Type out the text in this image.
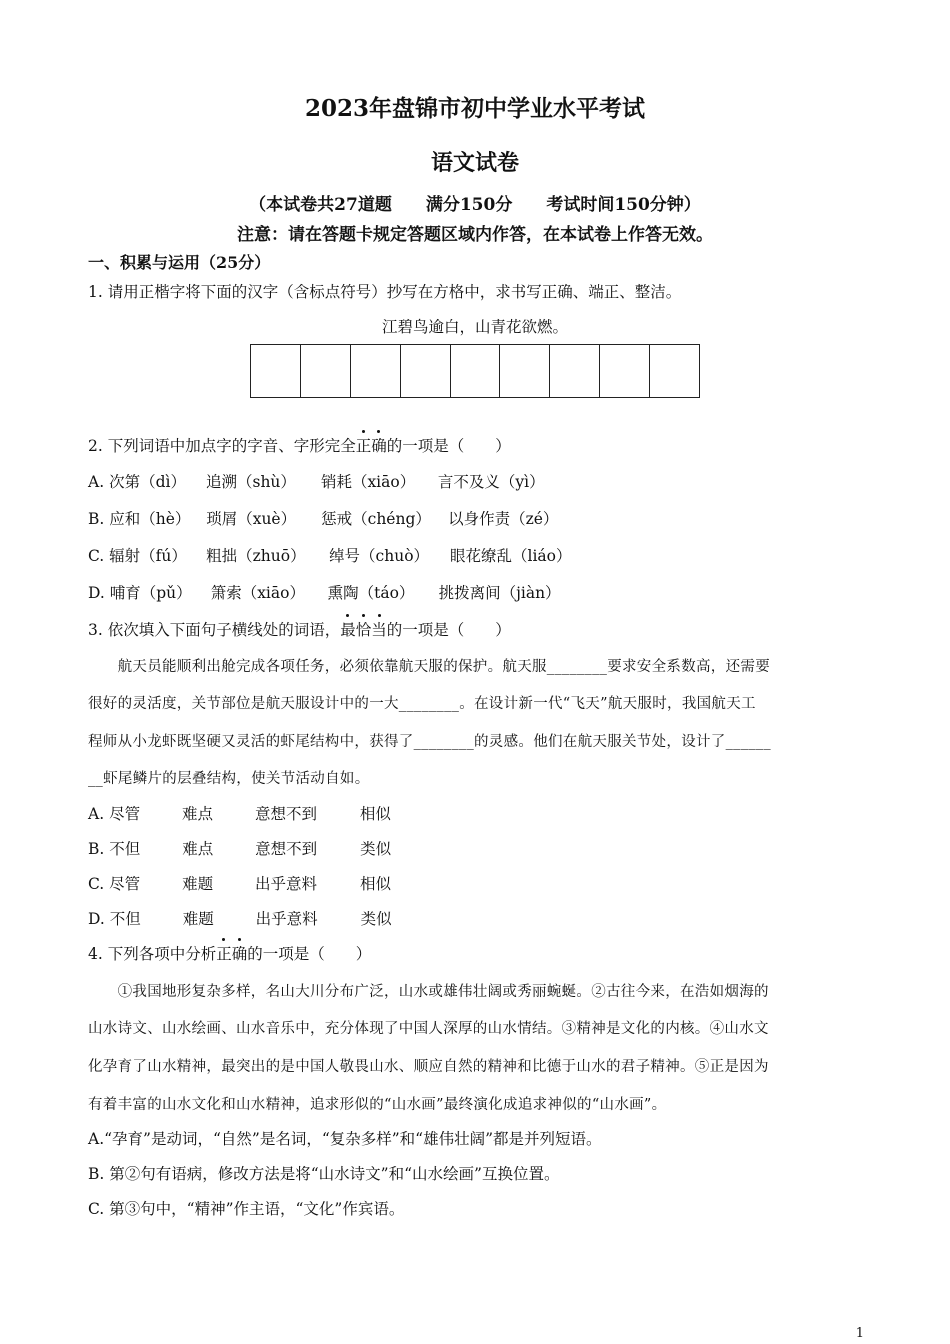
2023年盘锦市初中学业水平考试
语文试卷
（本试卷共27道题　　满分150分　　考试时间150分钟）
注意：请在答题卡规定答题区域内作答，在本试卷上作答无效。
一、积累与运用（25分）
1. 请用正楷字将下面的汉字（含标点符号）抄写在方格中，求书写正确、端正、整洁。
江碧鸟逾白，山青花欲燃。
2. 下列词语中加点字的字音、字形完全正确的一项是（　　）
A. 次第（dì） 追溯（shù） 销耗（xiāo） 言不及义（yì）
B. 应和（hè） 琐屑（xuè） 惩戒（chéng） 以身作责（zé）
C. 辐射（fú） 粗拙（zhuō） 绰号（chuò） 眼花缭乱（liáo）
D. 哺育（pǔ） 箫索（xiāo） 熏陶（táo） 挑拨离间（jiàn）
3. 依次填入下面句子横线处的词语，最恰当的一项是（　　）
　　航天员能顺利出舱完成各项任务，必须依靠航天服的保护。航天服________要求安全系数高，还需要
很好的灵活度，关节部位是航天服设计中的一大________。在设计新一代“飞天”航天服时，我国航天工
程师从小龙虾既坚硬又灵活的虾尾结构中，获得了________的灵感。他们在航天服关节处，设计了______
__虾尾鳞片的层叠结构，使关节活动自如。
A. 尽管	难点	意想不到	相似
B. 不但	难点	意想不到	类似
C. 尽管	难题	出乎意料	相似
D. 不但	难题	出乎意料	类似
4. 下列各项中分析正确的一项是（　　）
　　①我国地形复杂多样，名山大川分布广泛，山水或雄伟壮阔或秀丽蜿蜒。②古往今来，在浩如烟海的
山水诗文、山水绘画、山水音乐中，充分体现了中国人深厚的山水情结。③精神是文化的内核。④山水文
化孕育了山水精神，最突出的是中国人敬畏山水、顺应自然的精神和比德于山水的君子精神。⑤正是因为
有着丰富的山水文化和山水精神，追求形似的“山水画”最终演化成追求神似的“山水画”。
A.“孕育”是动词，“自然”是名词，“复杂多样”和“雄伟壮阔”都是并列短语。
B. 第②句有语病，修改方法是将“山水诗文”和“山水绘画”互换位置。
C. 第③句中，“精神”作主语，“文化”作宾语。
1
